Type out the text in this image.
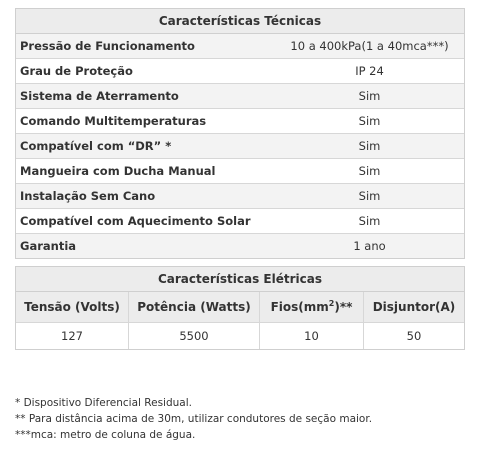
Características Técnicas
Pressão de Funcionamento	10 a 400kPa(1 a 40mca***)
Grau de Proteção	IP 24
Sistema de Aterramento	Sim
Comando Multitemperaturas	Sim
Compatível com “DR” *	Sim
Mangueira com Ducha Manual	Sim
Instalação Sem Cano	Sim
Compatível com Aquecimento Solar	Sim
Garantia	1 ano
Características Elétricas
Tensão (Volts)	Potência (Watts)	$Fios(mm^2)**$	Disjuntor(A)
127	5500	10	50
* Dispositivo Diferencial Residual.
** Para distância acima de 30m, utilizar condutores de seção maior.
***mca: metro de coluna de água.
